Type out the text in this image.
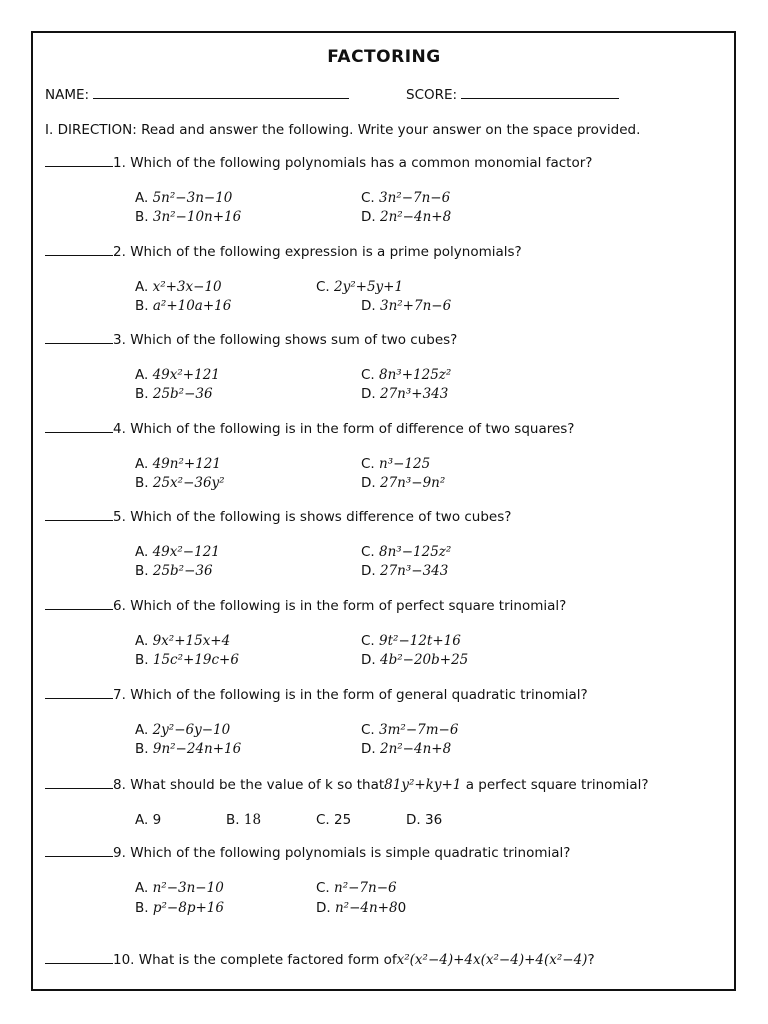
FACTORING
NAME:	SCORE:
I. DIRECTION: Read and answer the following. Write your answer on the space provided.
1. Which of the following polynomials has a common monomial factor?
A. 5n²−3n−10
B. 3n²−10n+16
C. 3n²−7n−6
D. 2n²−4n+8
2. Which of the following expression is a prime polynomials?
A. x²+3x−10
B. a²+10a+16
C. 2y²+5y+1
D. 3n²+7n−6
3. Which of the following shows sum of two cubes?
A. 49x²+121
B. 25b²−36
C. 8n³+125z²
D. 27n³+343
4. Which of the following is in the form of difference of two squares?
A. 49n²+121
B. 25x²−36y²
C. n³−125
D. 27n³−9n²
5. Which of the following is shows difference of two cubes?
A. 49x²−121
B. 25b²−36
C. 8n³−125z²
D. 27n³−343
6. Which of the following is in the form of perfect square trinomial?
A. 9x²+15x+4
B. 15c²+19c+6
C. 9t²−12t+16
D. 4b²−20b+25
7. Which of the following is in the form of general quadratic trinomial?
A. 2y²−6y−10
B. 9n²−24n+16
C. 3m²−7m−6
D. 2n²−4n+8
8. What should be the value of k so that81y²+ky+1 a perfect square trinomial?
A. 9	B. 18	C. 25	D. 36
9. Which of the following polynomials is simple quadratic trinomial?
A. n²−3n−10
B. p²−8p+16
C. n²−7n−6
D. n²−4n+80
10. What is the complete factored form ofx²(x²−4)+4x(x²−4)+4(x²−4)?
